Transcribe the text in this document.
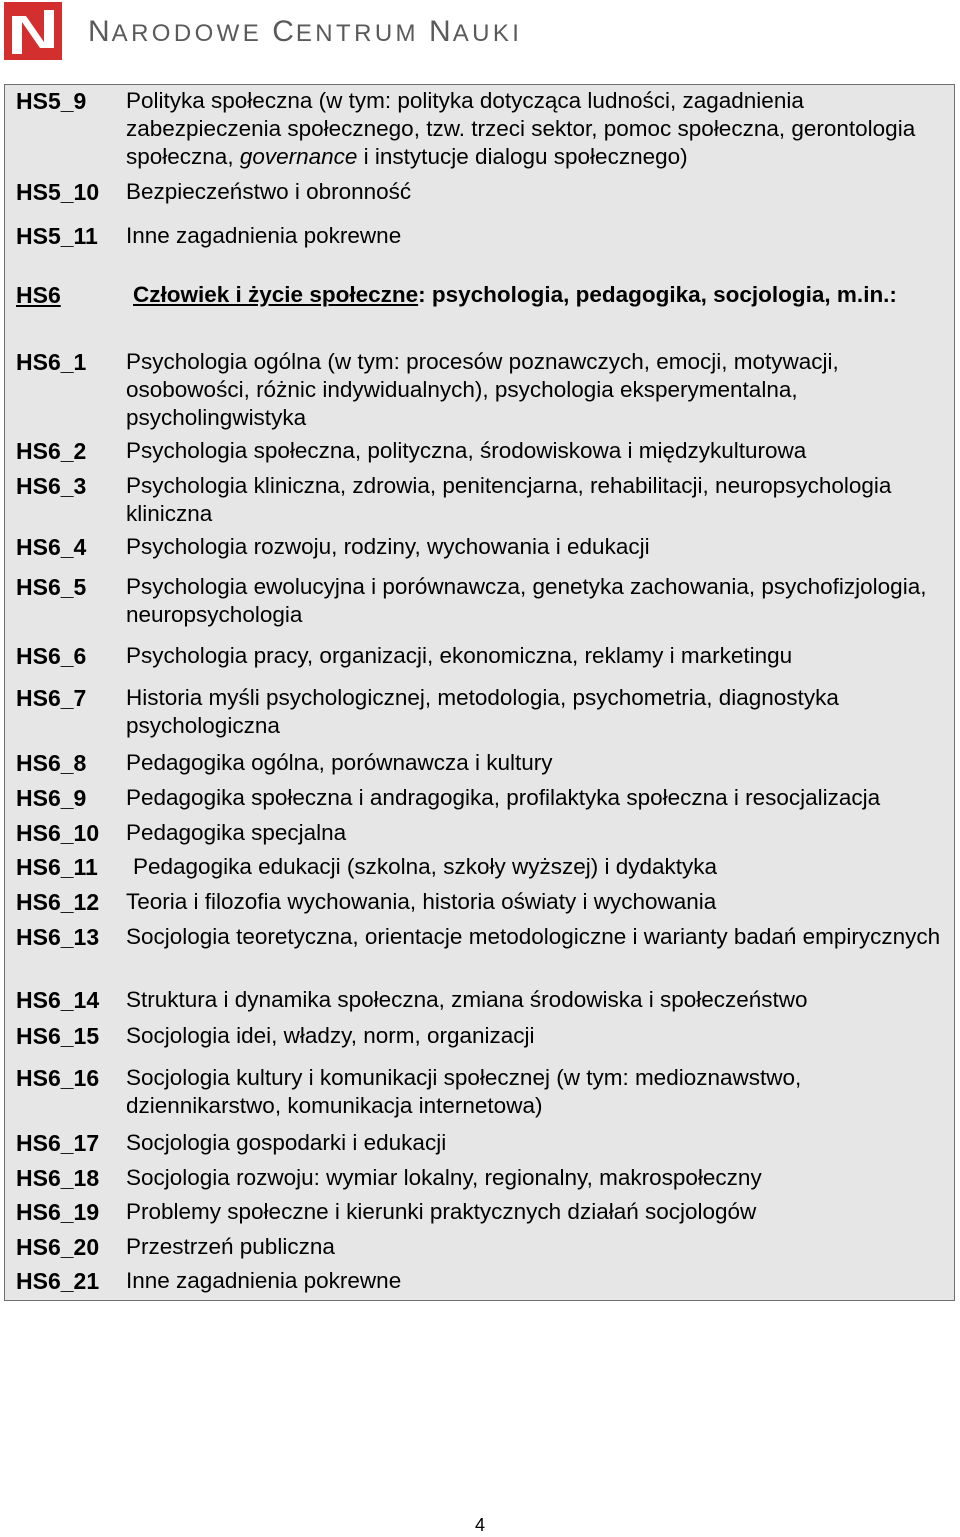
NARODOWE CENTRUM NAUKI
HS5_9 Polityka społeczna (w tym: polityka dotycząca ludności, zagadnienia zabezpieczenia społecznego, tzw. trzeci sektor, pomoc społeczna, gerontologia społeczna, governance i instytucje dialogu społecznego)
HS5_10 Bezpieczeństwo i obronność
HS5_11 Inne zagadnienia pokrewne
HS6	Człowiek i życie społeczne: psychologia, pedagogika, socjologia, m.in.:
HS6_1 Psychologia ogólna (w tym: procesów poznawczych, emocji, motywacji, osobowości, różnic indywidualnych), psychologia eksperymentalna, psycholingwistyka
HS6_2 Psychologia społeczna, polityczna, środowiskowa i międzykulturowa
HS6_3 Psychologia kliniczna, zdrowia, penitencjarna, rehabilitacji, neuropsychologia kliniczna
HS6_4 Psychologia rozwoju, rodziny, wychowania i edukacji
HS6_5 Psychologia ewolucyjna i porównawcza, genetyka zachowania, psychofizjologia, neuropsychologia
HS6_6 Psychologia pracy, organizacji, ekonomiczna, reklamy i marketingu
HS6_7 Historia myśli psychologicznej, metodologia, psychometria, diagnostyka psychologiczna
HS6_8 Pedagogika ogólna, porównawcza i kultury
HS6_9 Pedagogika społeczna i andragogika, profilaktyka społeczna i resocjalizacja
HS6_10 Pedagogika specjalna
HS6_11 Pedagogika edukacji (szkolna, szkoły wyższej) i dydaktyka
HS6_12 Teoria i filozofia wychowania, historia oświaty i wychowania
HS6_13 Socjologia teoretyczna, orientacje metodologiczne i warianty badań empirycznych
HS6_14 Struktura i dynamika społeczna, zmiana środowiska i społeczeństwo
HS6_15 Socjologia idei, władzy, norm, organizacji
HS6_16 Socjologia kultury i komunikacji społecznej (w tym: medioznawstwo, dziennikarstwo, komunikacja internetowa)
HS6_17 Socjologia gospodarki i edukacji
HS6_18 Socjologia rozwoju: wymiar lokalny, regionalny, makrospołeczny
HS6_19 Problemy społeczne i kierunki praktycznych działań socjologów
HS6_20 Przestrzeń publiczna
HS6_21 Inne zagadnienia pokrewne
4
